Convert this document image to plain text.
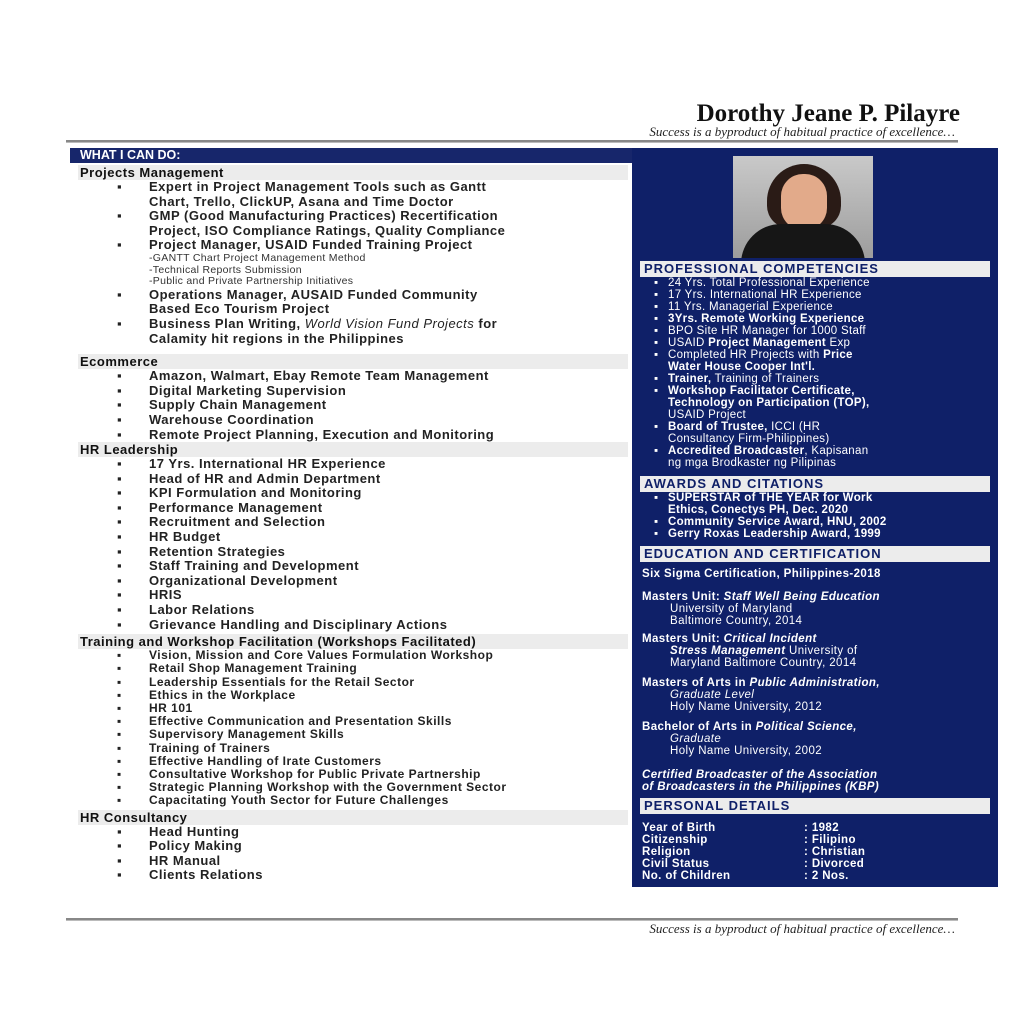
Dorothy Jeane P. Pilayre
Success is a byproduct of habitual practice of excellence…
WHAT I CAN DO:
Projects Management
▪ Expert in Project Management Tools such as Gantt
Chart, Trello, ClickUP, Asana and Time Doctor
▪ GMP (Good Manufacturing Practices) Recertification
Project, ISO Compliance Ratings, Quality Compliance
▪ Project Manager, USAID Funded Training Project
-GANTT Chart Project Management Method
-Technical Reports Submission
-Public and Private Partnership Initiatives
▪ Operations Manager, AUSAID Funded Community
Based Eco Tourism Project
▪ Business Plan Writing, World Vision Fund Projects for
Calamity hit regions in the Philippines
Ecommerce
▪ Amazon, Walmart, Ebay Remote Team Management
▪ Digital Marketing Supervision
▪ Supply Chain Management
▪ Warehouse Coordination
▪ Remote Project Planning, Execution and Monitoring
HR Leadership
▪ 17 Yrs. International HR Experience
▪ Head of HR and Admin Department
▪ KPI Formulation and Monitoring
▪ Performance Management
▪ Recruitment and Selection
▪ HR Budget
▪ Retention Strategies
▪ Staff Training and Development
▪ Organizational Development
▪ HRIS
▪ Labor Relations
▪ Grievance Handling and Disciplinary Actions
Training and Workshop Facilitation (Workshops Facilitated)
▪ Vision, Mission and Core Values Formulation Workshop
▪ Retail Shop Management Training
▪ Leadership Essentials for the Retail Sector
▪ Ethics in the Workplace
▪ HR 101
▪ Effective Communication and Presentation Skills
▪ Supervisory Management Skills
▪ Training of Trainers
▪ Effective Handling of Irate Customers
▪ Consultative Workshop for Public Private Partnership
▪ Strategic Planning Workshop with the Government Sector
▪ Capacitating Youth Sector for Future Challenges
HR Consultancy
▪ Head Hunting
▪ Policy Making
▪ HR Manual
▪ Clients Relations
PROFESSIONAL COMPETENCIES
▪ 24 Yrs. Total Professional Experience
▪ 17 Yrs. International HR Experience
▪ 11 Yrs. Managerial Experience
▪ 3Yrs. Remote Working Experience
▪ BPO Site HR Manager for 1000 Staff
▪ USAID Project Management Exp
▪ Completed HR Projects with Price
Water House Cooper Int'l.
▪ Trainer, Training of Trainers
▪ Workshop Facilitator Certificate,
Technology on Participation (TOP),
USAID Project
▪ Board of Trustee, ICCI (HR
Consultancy Firm-Philippines)
▪ Accredited Broadcaster, Kapisanan
ng mga Brodkaster ng Pilipinas
AWARDS AND CITATIONS
▪ SUPERSTAR of THE YEAR for Work
Ethics, Conectys PH, Dec. 2020
▪ Community Service Award, HNU, 2002
▪ Gerry Roxas Leadership Award, 1999
EDUCATION AND CERTIFICATION
Six Sigma Certification, Philippines-2018
Masters Unit: Staff Well Being Education
University of Maryland
Baltimore Country, 2014
Masters Unit: Critical Incident
Stress Management University of
Maryland Baltimore Country, 2014
Masters of Arts in Public Administration,
Graduate Level
Holy Name University, 2012
Bachelor of Arts in Political Science,
Graduate
Holy Name University, 2002
Certified Broadcaster of the Association
of Broadcasters in the Philippines (KBP)
PERSONAL DETAILS
Year of Birth	: 1982
Citizenship	: Filipino
Religion	: Christian
Civil Status	: Divorced
No. of Children	: 2 Nos.
Success is a byproduct of habitual practice of excellence…
